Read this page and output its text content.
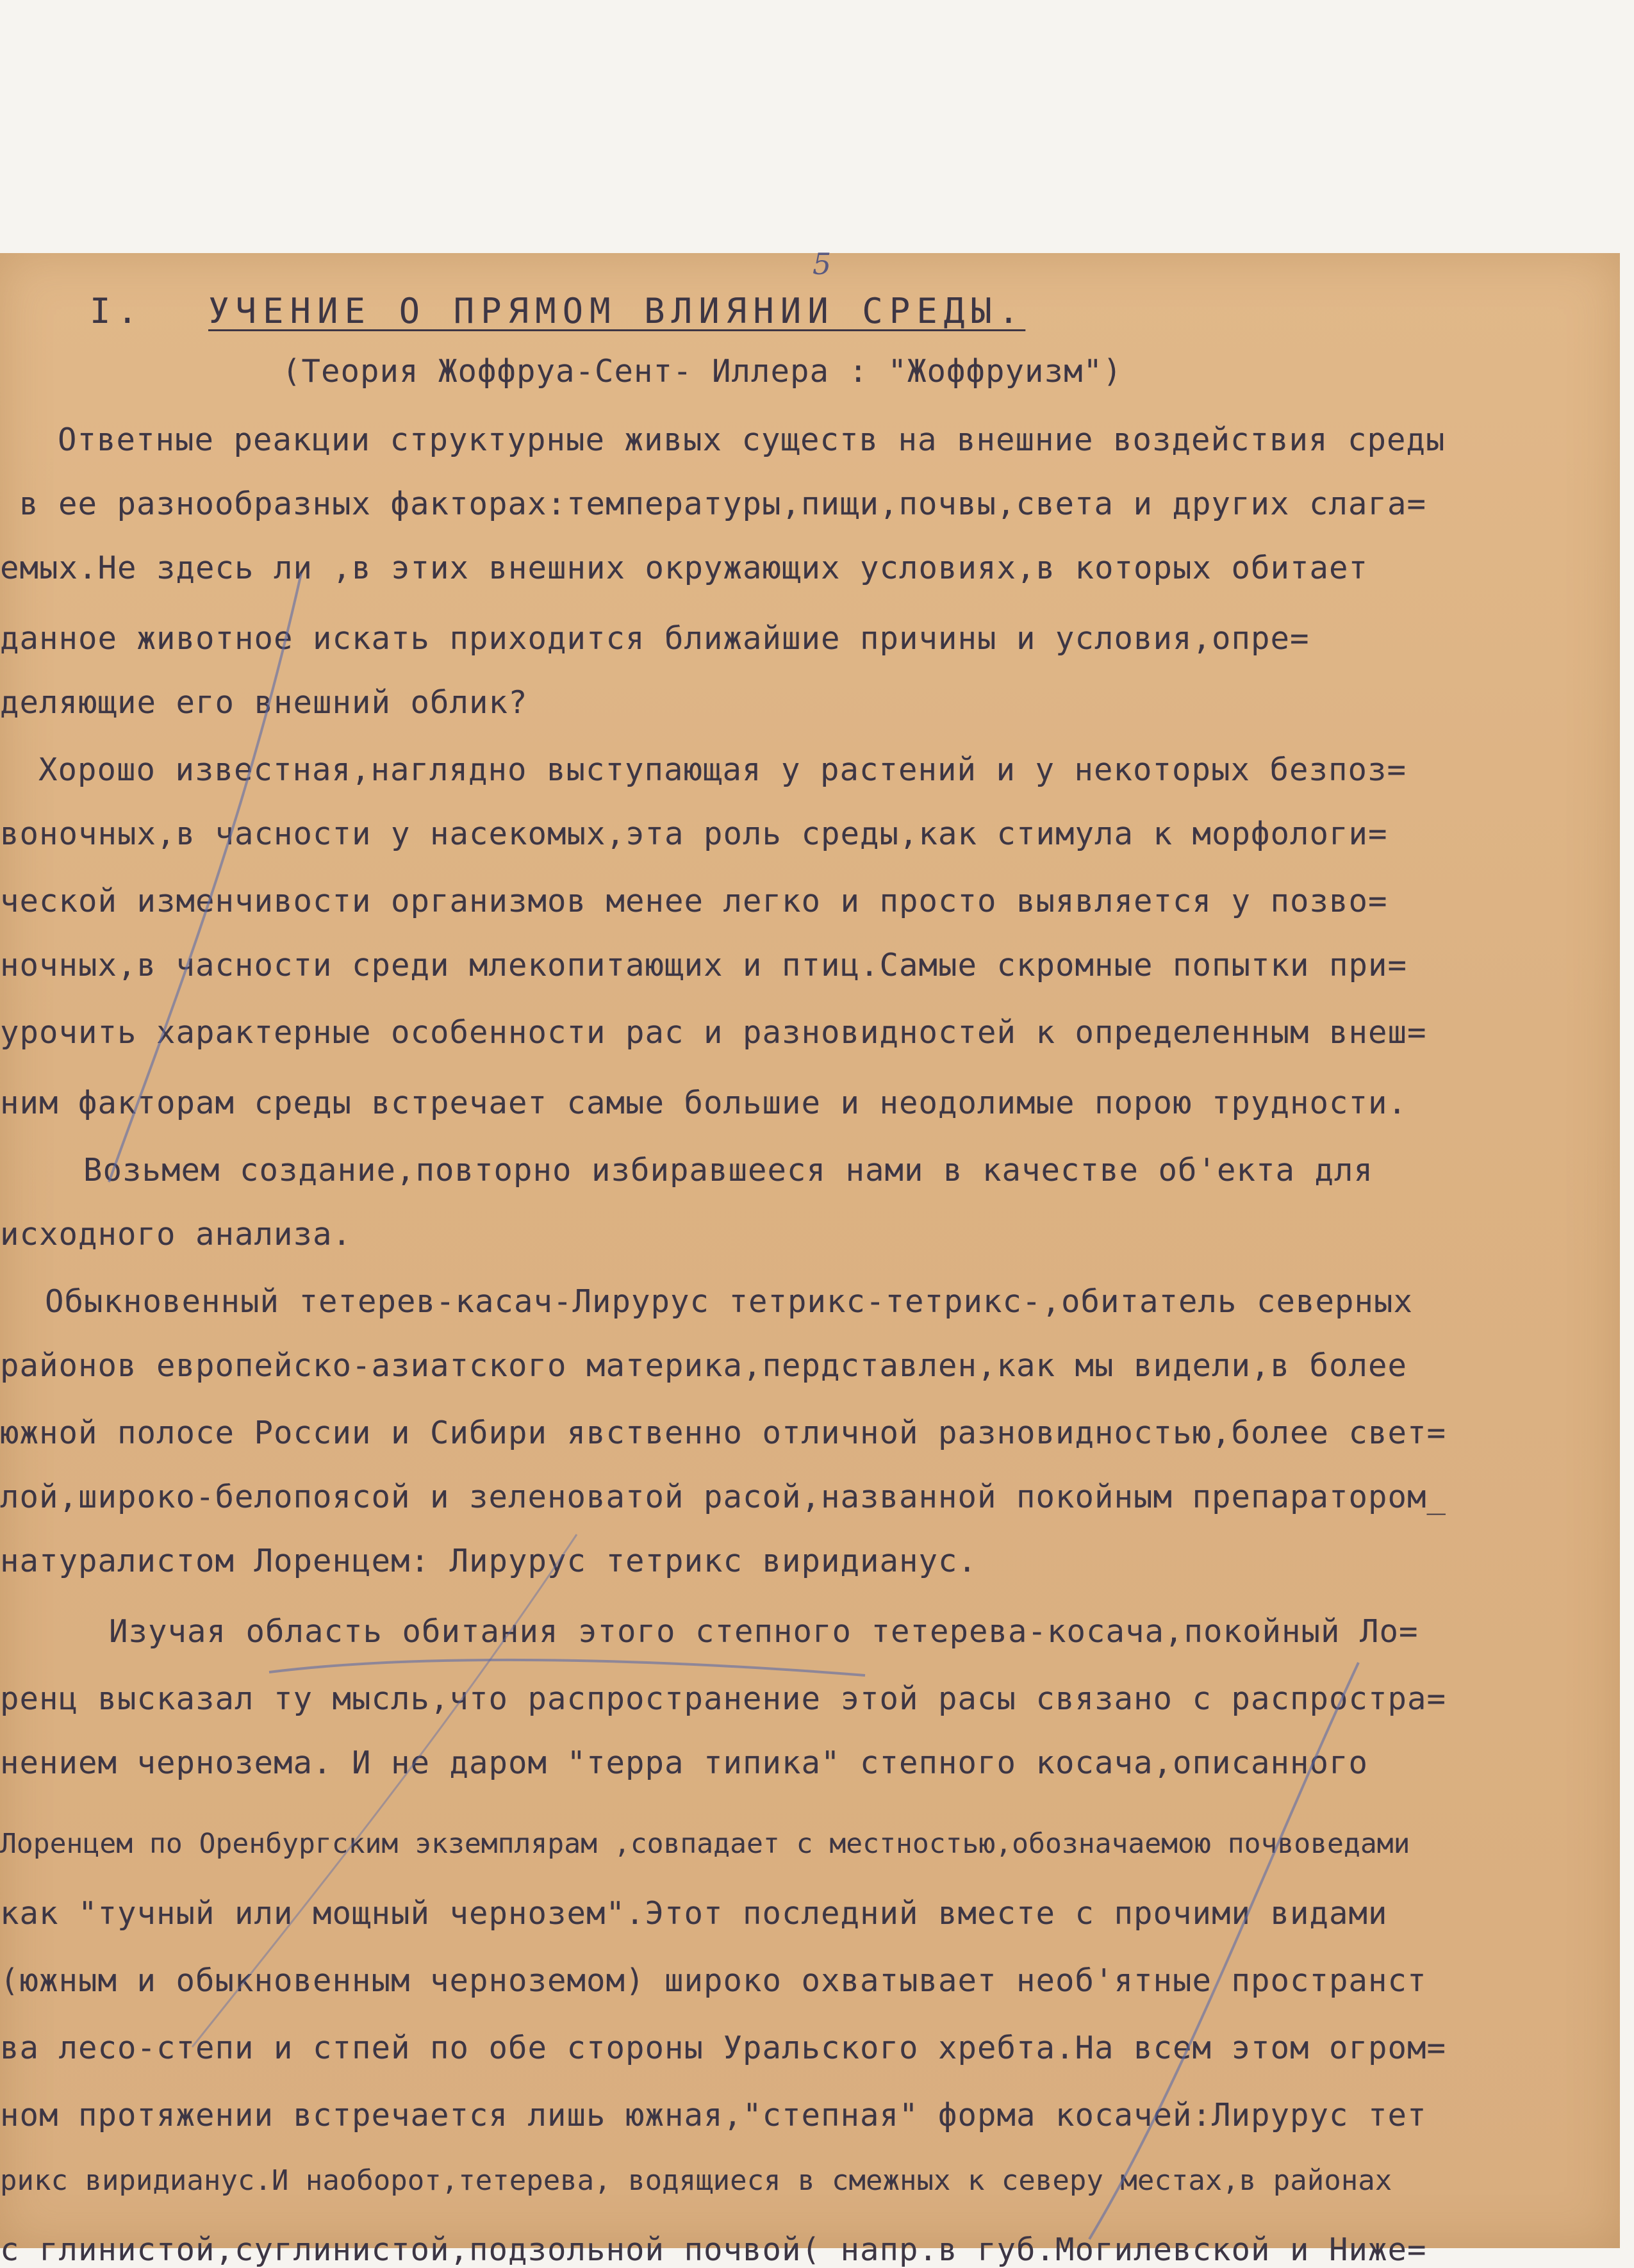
5
I. УЧЕНИЕ О ПРЯМОМ ВЛИЯНИИ СРЕДЫ.
(Теория Жоффруа-Сент- Иллера : "Жоффруизм")
Ответные реакции структурные живых существ на внешние воздействия среды
в ее разнообразных факторах:температуры,пищи,почвы,света и других слага=
емых.Не здесь ли ,в этих внешних окружающих условиях,в которых обитает
данное животное искать приходится ближайшие причины и условия,опре=
деляющие его внешний облик?
Хорошо известная,наглядно выступающая у растений и у некоторых безпоз=
воночных,в часности у насекомых,эта роль среды,как стимула к морфологи=
ческой изменчивости организмов менее легко и просто выявляется у позво=
ночных,в часности среди млекопитающих и птиц.Самые скромные попытки при=
урочить характерные особенности рас и разновидностей к определенным внеш=
ним факторам среды встречает самые большие и неодолимые порою трудности.
Возьмем создание,повторно избиравшееся нами в качестве об'екта для
исходного анализа.
Обыкновенный тетерев-касач-Лирурус тетрикс-тетрикс-,обитатель северных
районов европейско-азиатского материка,пердставлен,как мы видели,в более
южной полосе России и Сибири явственно отличной разновидностью,более свет=
лой,широко-белопоясой и зеленоватой расой,названной покойным препаратором_
натуралистом Лоренцем: Лирурус тетрикс виридианус.
Изучая область обитания этого степного тетерева-косача,покойный Ло=
ренц высказал ту мысль,что распространение этой расы связано с распростра=
нением чернозема. И не даром "терра типика" степного косача,описанного
Лоренцем по Оренбургским экземплярам ,совпадает с местностью,обозначаемою почвоведами
как "тучный или мощный чернозем".Этот последний вместе с прочими видами
(южным и обыкновенным черноземом) широко охватывает необ'ятные пространст
ва лесо-степи и стпей по обе стороны Уральского хребта.На всем этом огром=
ном протяжении встречается лишь южная,"степная" форма косачей:Лирурус тет
рикс виридианус.И наоборот,тетерева, водящиеся в смежных к северу местах,в районах
с глинистой,суглинистой,подзольной почвой( напр.в губ.Могилевской и Ниже=
